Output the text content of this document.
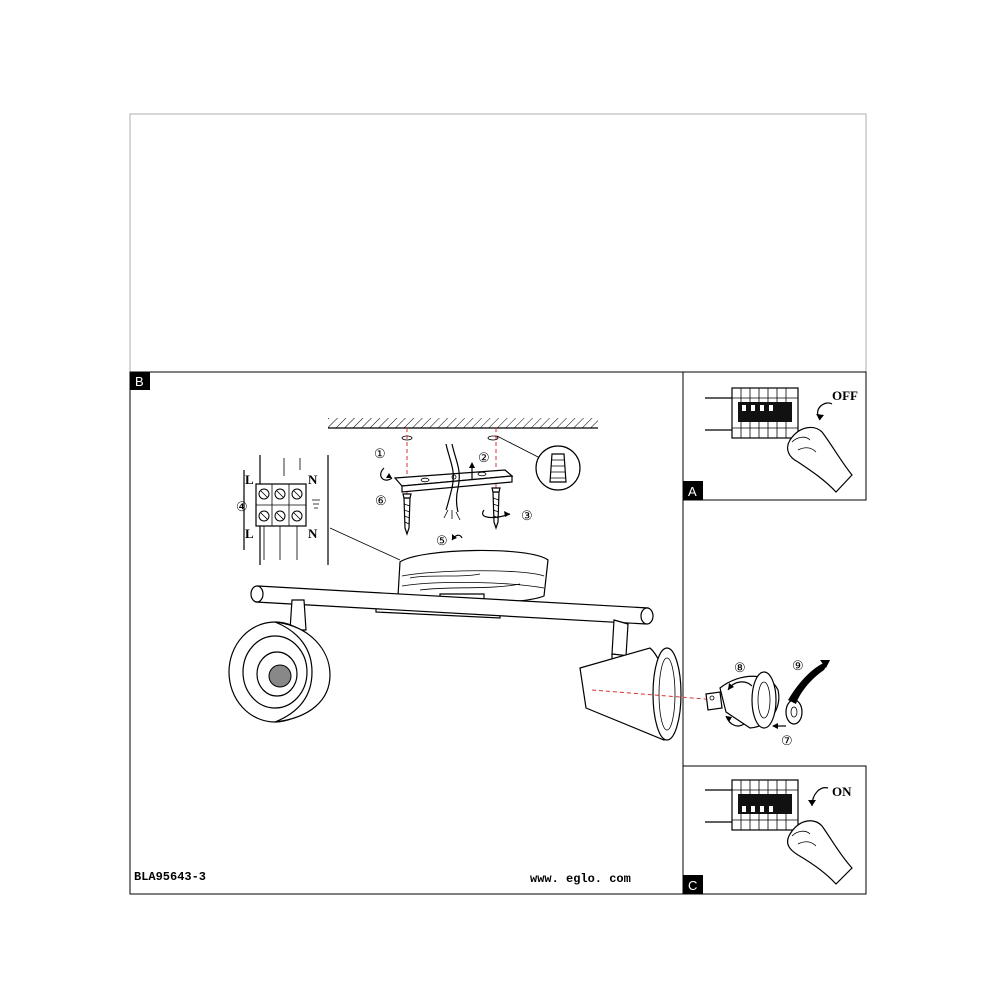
B
A
OFF
C
ON
①	②
③
⑥
⑤
L	N
L	N
④
⑧	⑨
⑦
BLA95643-3	www. eglo. com
